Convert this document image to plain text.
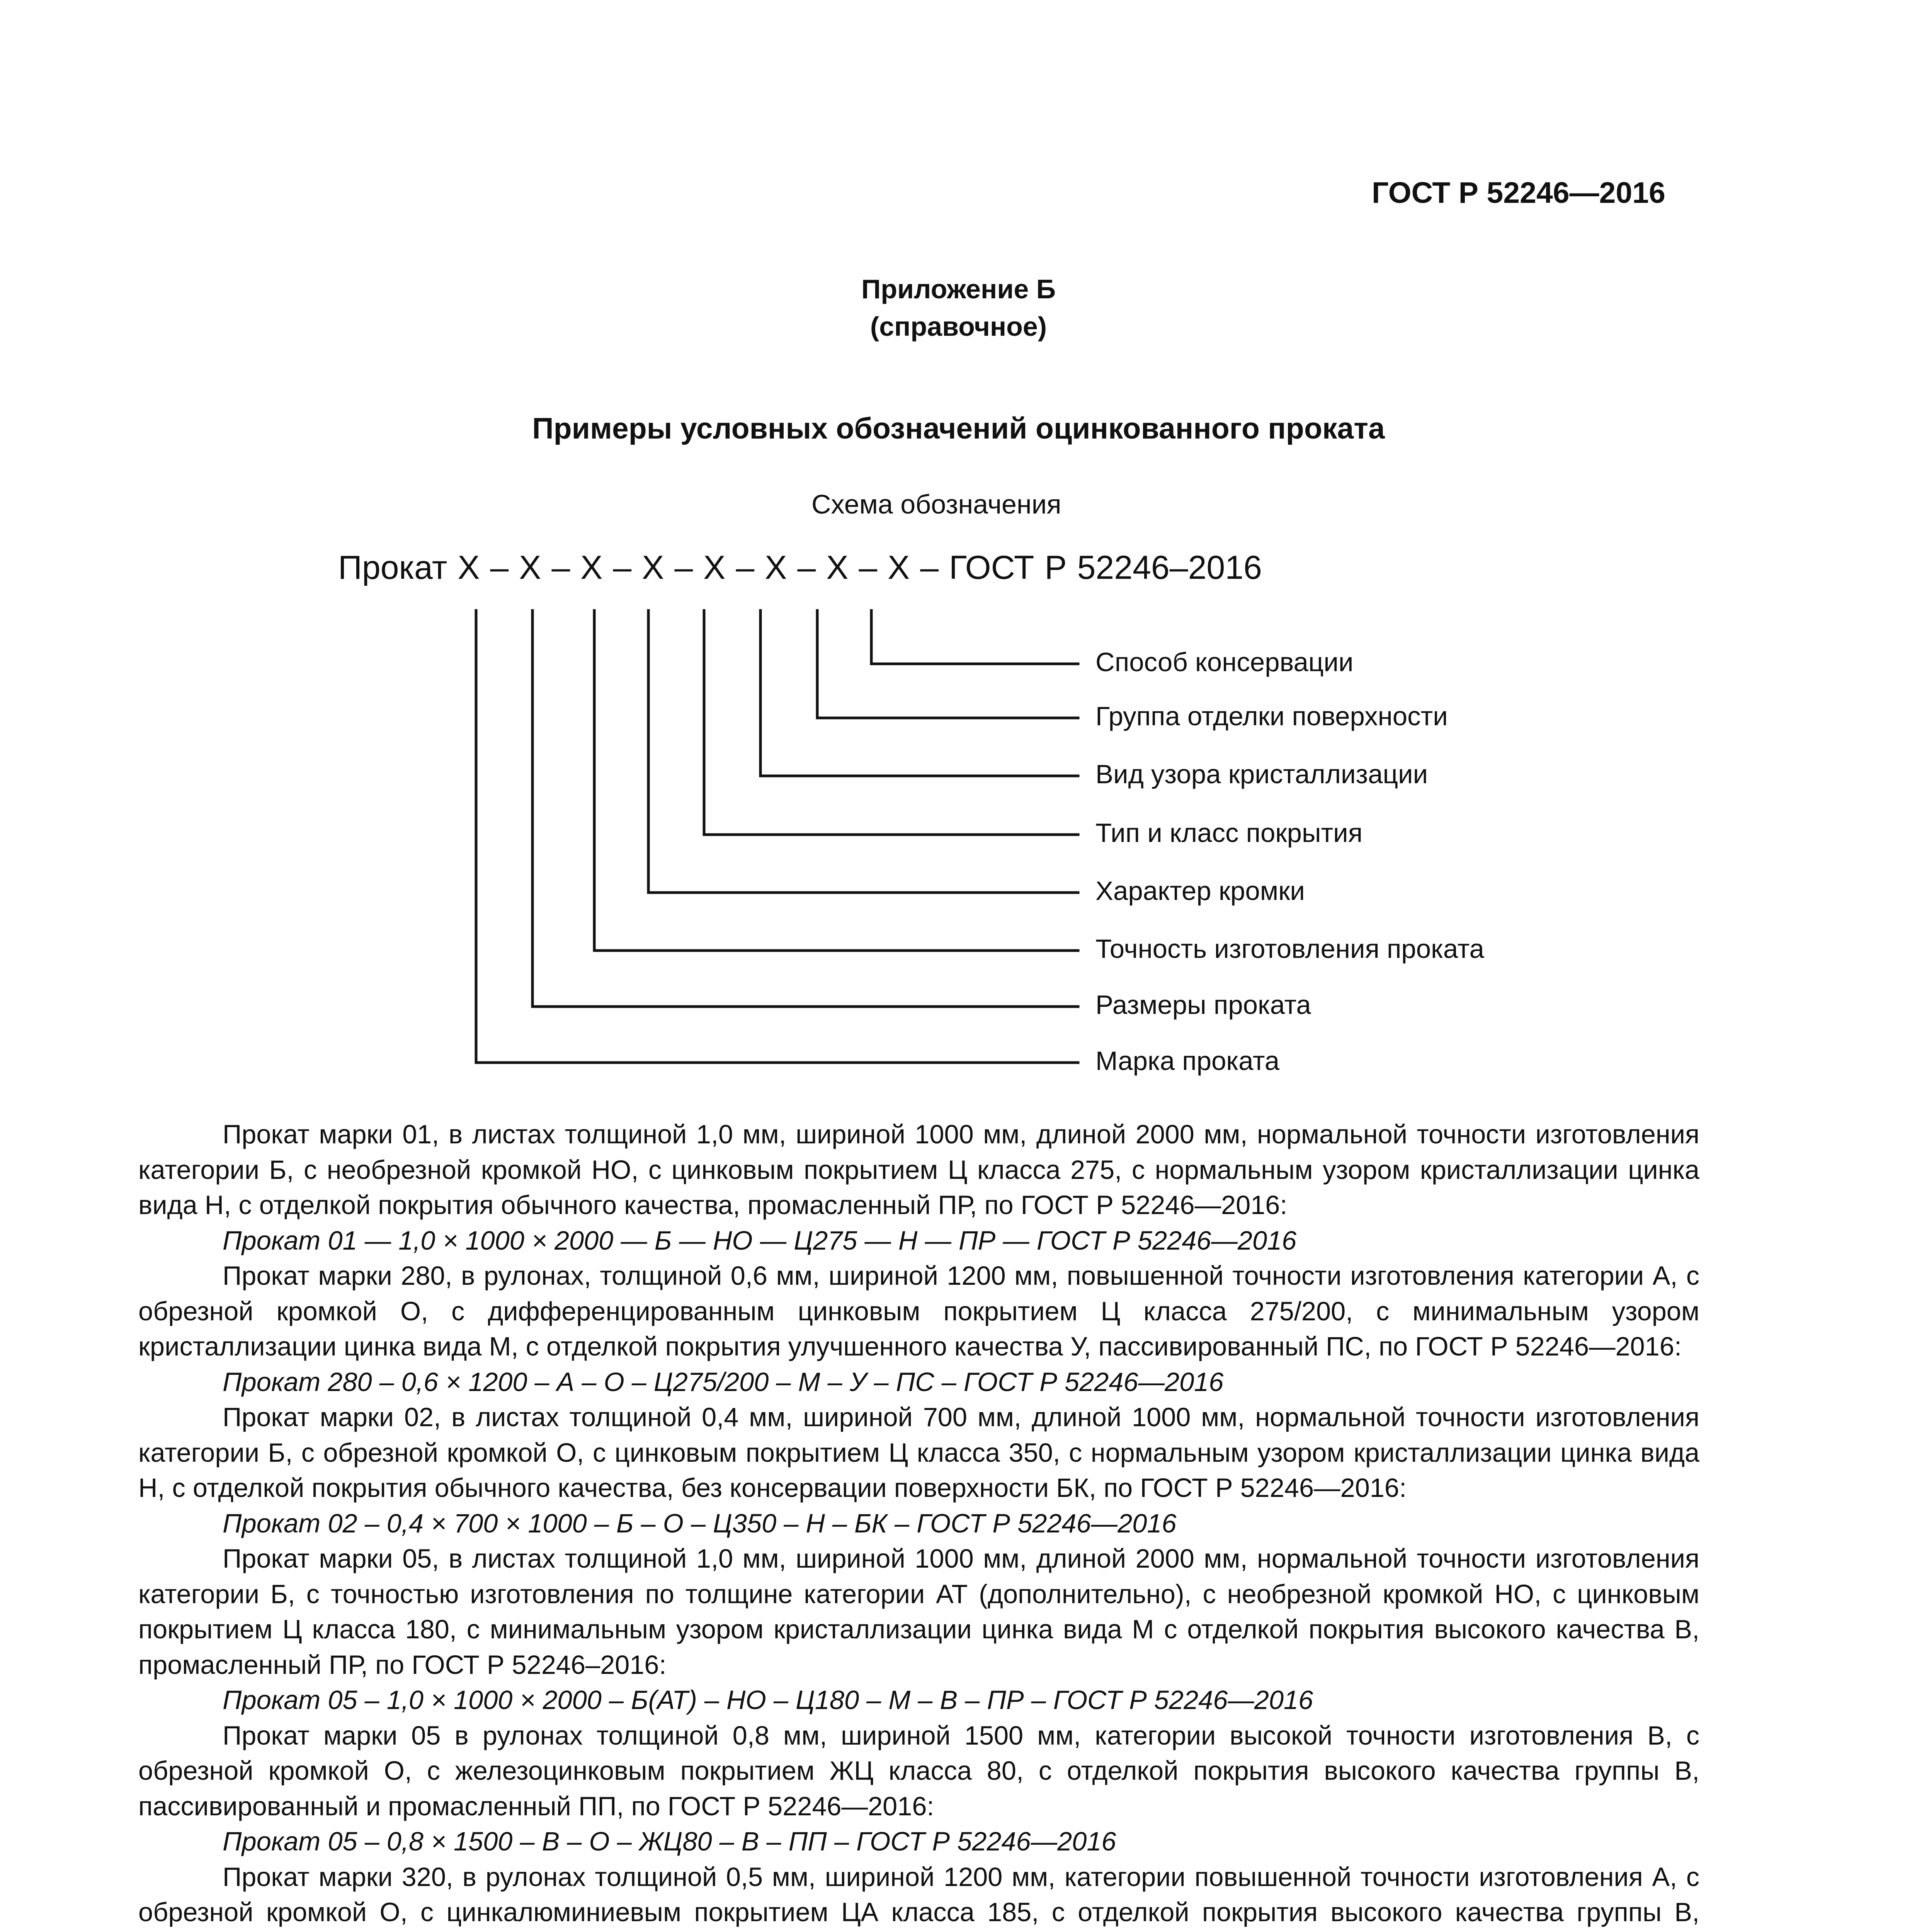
ГОСТ Р 52246—2016
Приложение Б
(справочное)
Примеры условных обозначений оцинкованного проката
Схема обозначения
Прокат Х – Х – Х – Х – Х – Х – Х – Х – ГОСТ Р 52246–2016
Способ консервации
Группа отделки поверхности
Вид узора кристаллизации
Тип и класс покрытия
Характер кромки
Точность изготовления проката
Размеры проката
Марка проката

Прокат марки 01, в листах толщиной 1,0 мм, шириной 1000 мм, длиной 2000 мм, нормальной точности изготовления категории Б, с необрезной кромкой НО, с цинковым покрытием Ц класса 275, с нормальным узором кристаллизации цинка вида Н, с отделкой покрытия обычного качества, промасленный ПР, по ГОСТ Р 52246—2016:

Прокат 01 — 1,0 × 1000 × 2000 — Б — НО — Ц275 — Н — ПР — ГОСТ Р 52246—2016

Прокат марки 280, в рулонах, толщиной 0,6 мм, шириной 1200 мм, повышенной точности изготовления категории А, с обрезной кромкой О, с дифференцированным цинковым покрытием Ц класса 275/200, с минимальным узором кристаллизации цинка вида М, с отделкой покрытия улучшенного качества У, пассивированный ПС, по ГОСТ Р 52246—2016:

Прокат 280 – 0,6 × 1200 – А – О – Ц275/200 – М – У – ПС – ГОСТ Р 52246—2016

Прокат марки 02, в листах толщиной 0,4 мм, шириной 700 мм, длиной 1000 мм, нормальной точности изготовления категории Б, с обрезной кромкой О, с цинковым покрытием Ц класса 350, с нормальным узором кристаллизации цинка вида Н, с отделкой покрытия обычного качества, без консервации поверхности БК, по ГОСТ Р 52246—2016:

Прокат 02 – 0,4 × 700 × 1000 – Б – О – Ц350 – Н – БК – ГОСТ Р 52246—2016

Прокат марки 05, в листах толщиной 1,0 мм, шириной 1000 мм, длиной 2000 мм, нормальной точности изготовления категории Б, с точностью изготовления по толщине категории АТ (дополнительно), с необрезной кромкой НО, с цинковым покрытием Ц класса 180, с минимальным узором кристаллизации цинка вида М с отделкой покрытия высокого качества В, промасленный ПР, по ГОСТ Р 52246–2016:

Прокат 05 – 1,0 × 1000 × 2000 – Б(АТ) – НО – Ц180 – М – В – ПР – ГОСТ Р 52246—2016

Прокат марки 05 в рулонах толщиной 0,8 мм, шириной 1500 мм, категории высокой точности изготовления В, с обрезной кромкой О, с железоцинковым покрытием ЖЦ класса 80, с отделкой покрытия высокого качества группы В, пассивированный и промасленный ПП, по ГОСТ Р 52246—2016:

Прокат 05 – 0,8 × 1500 – В – О – ЖЦ80 – В – ПП – ГОСТ Р 52246—2016

Прокат марки 320, в рулонах толщиной 0,5 мм, шириной 1200 мм, категории повышенной точности изготовления А, с обрезной кромкой О, с цинкалюминиевым покрытием ЦА класса 185, с отделкой покрытия высокого качества группы В,
